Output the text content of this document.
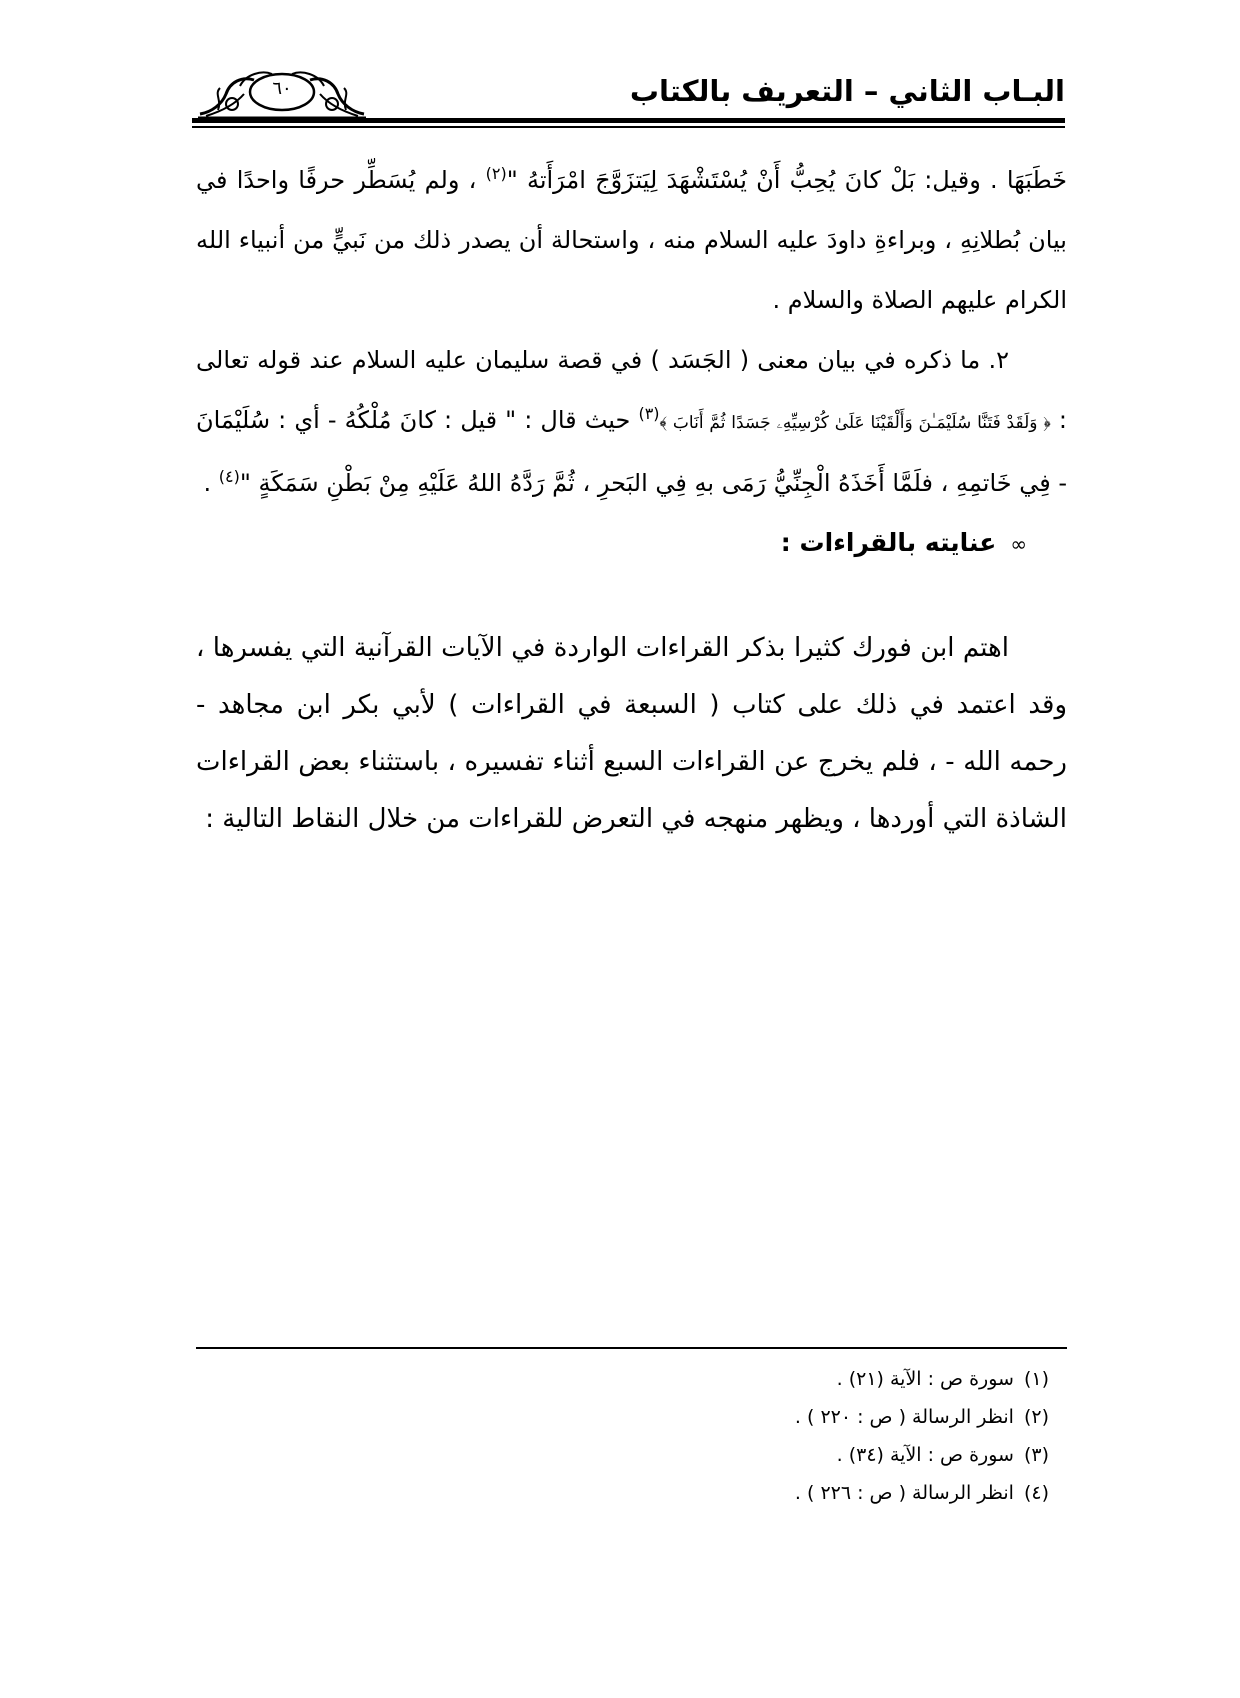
البـاب الثاني – التعريف بالكتاب
٦٠

خَطَبَهَا . وقيل: بَلْ كانَ يُحِبُّ أَنْ يُسْتَشْهَدَ لِيَتزَوَّجَ امْرَأَتهُ "$^{(٢)}$ ، ولم يُسَطِّر حرفًا واحدًا في بيان بُطلانِهِ ، وبراءةِ داودَ عليه السلام منه ، واستحالة أن يصدر ذلك من نَبيٍّ من أنبياء الله الكرام عليهم الصلاة والسلام .

٢. ما ذكره في بيان معنى ( الجَسَد ) في قصة سليمان عليه السلام عند قوله تعالى : ﴿ وَلَقَدْ فَتَنَّا سُلَيْمَـٰنَ وَأَلْقَيْنَا عَلَىٰ كُرْسِيِّهِۦ جَسَدًا ثُمَّ أَنَابَ ﴾$^{(٣)}$ حيث قال : " قيل : كانَ مُلْكُهُ - أي : سُلَيْمَانَ - فِي خَاتمِهِ ، فلَمَّا أَخَذَهُ الْجِنِّيُّ رَمَى بهِ فِي البَحرِ ، ثُمَّ رَدَّهُ اللهُ عَلَيْهِ مِنْ بَطْنِ سَمَكَةٍ "$^{(٤)}$ .

∞عنايته بالقراءات :

اهتم ابن فورك كثيرا بذكر القراءات الواردة في الآيات القرآنية التي يفسرها ، وقد اعتمد في ذلك على كتاب ( السبعة في القراءات ) لأبي بكر ابن مجاهد - رحمه الله - ، فلم يخرج عن القراءات السبع أثناء تفسيره ، باستثناء بعض القراءات الشاذة التي أوردها ، ويظهر منهجه في التعرض للقراءات من خلال النقاط التالية :

(١)سورة ص : الآية (٢١) .
(٢)انظر الرسالة ( ص : ٢٢٠ ) .
(٣)سورة ص : الآية (٣٤) .
(٤)انظر الرسالة ( ص : ٢٢٦ ) .
